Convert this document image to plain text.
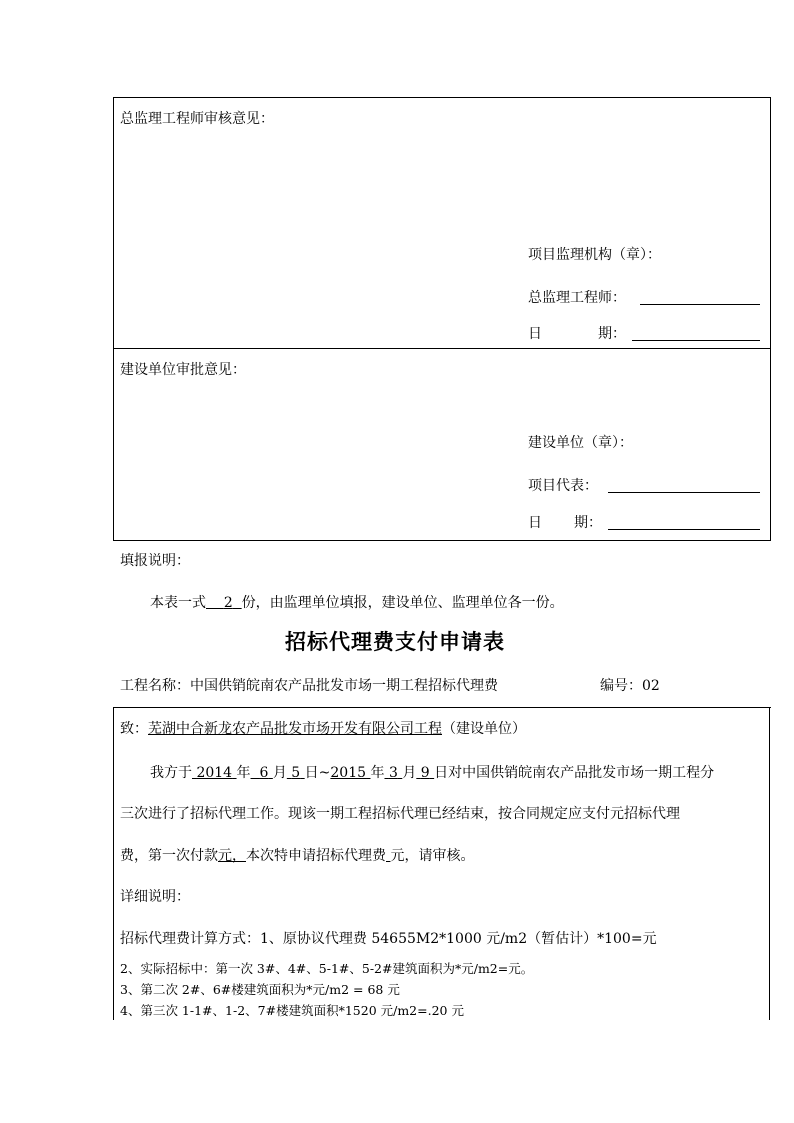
总监理工程师审核意见：
项目监理机构（章）：
总监理工程师：
日	期：
建设单位审批意见：
建设单位（章）：
项目代表：
日 期：
填报说明：
本表一式 2 份，由监理单位填报，建设单位、监理单位各一份。
招标代理费支付申请表
工程名称：中国供销皖南农产品批发市场一期工程招标代理费	编号：02
致：芜湖中合新龙农产品批发市场开发有限公司工程（建设单位）
我方于 2014 年 6 月 5 日~2015 年 3 月 9 日对中国供销皖南农产品批发市场一期工程分
三次进行了招标代理工作。现该一期工程招标代理已经结束，按合同规定应支付元招标代理
费，第一次付款元，本次特申请招标代理费 元，请审核。
详细说明：
招标代理费计算方式：1、原协议代理费 54655M2*1000 元/m2（暂估计）*100=元
2、实际招标中：第一次 3#、4#、5-1#、5-2#建筑面积为*元/m2=元。
3、第二次 2#、6#楼建筑面积为*元/m2 = 68 元
4、第三次 1-1#、1-2、7#楼建筑面积*1520 元/m2=.20 元
